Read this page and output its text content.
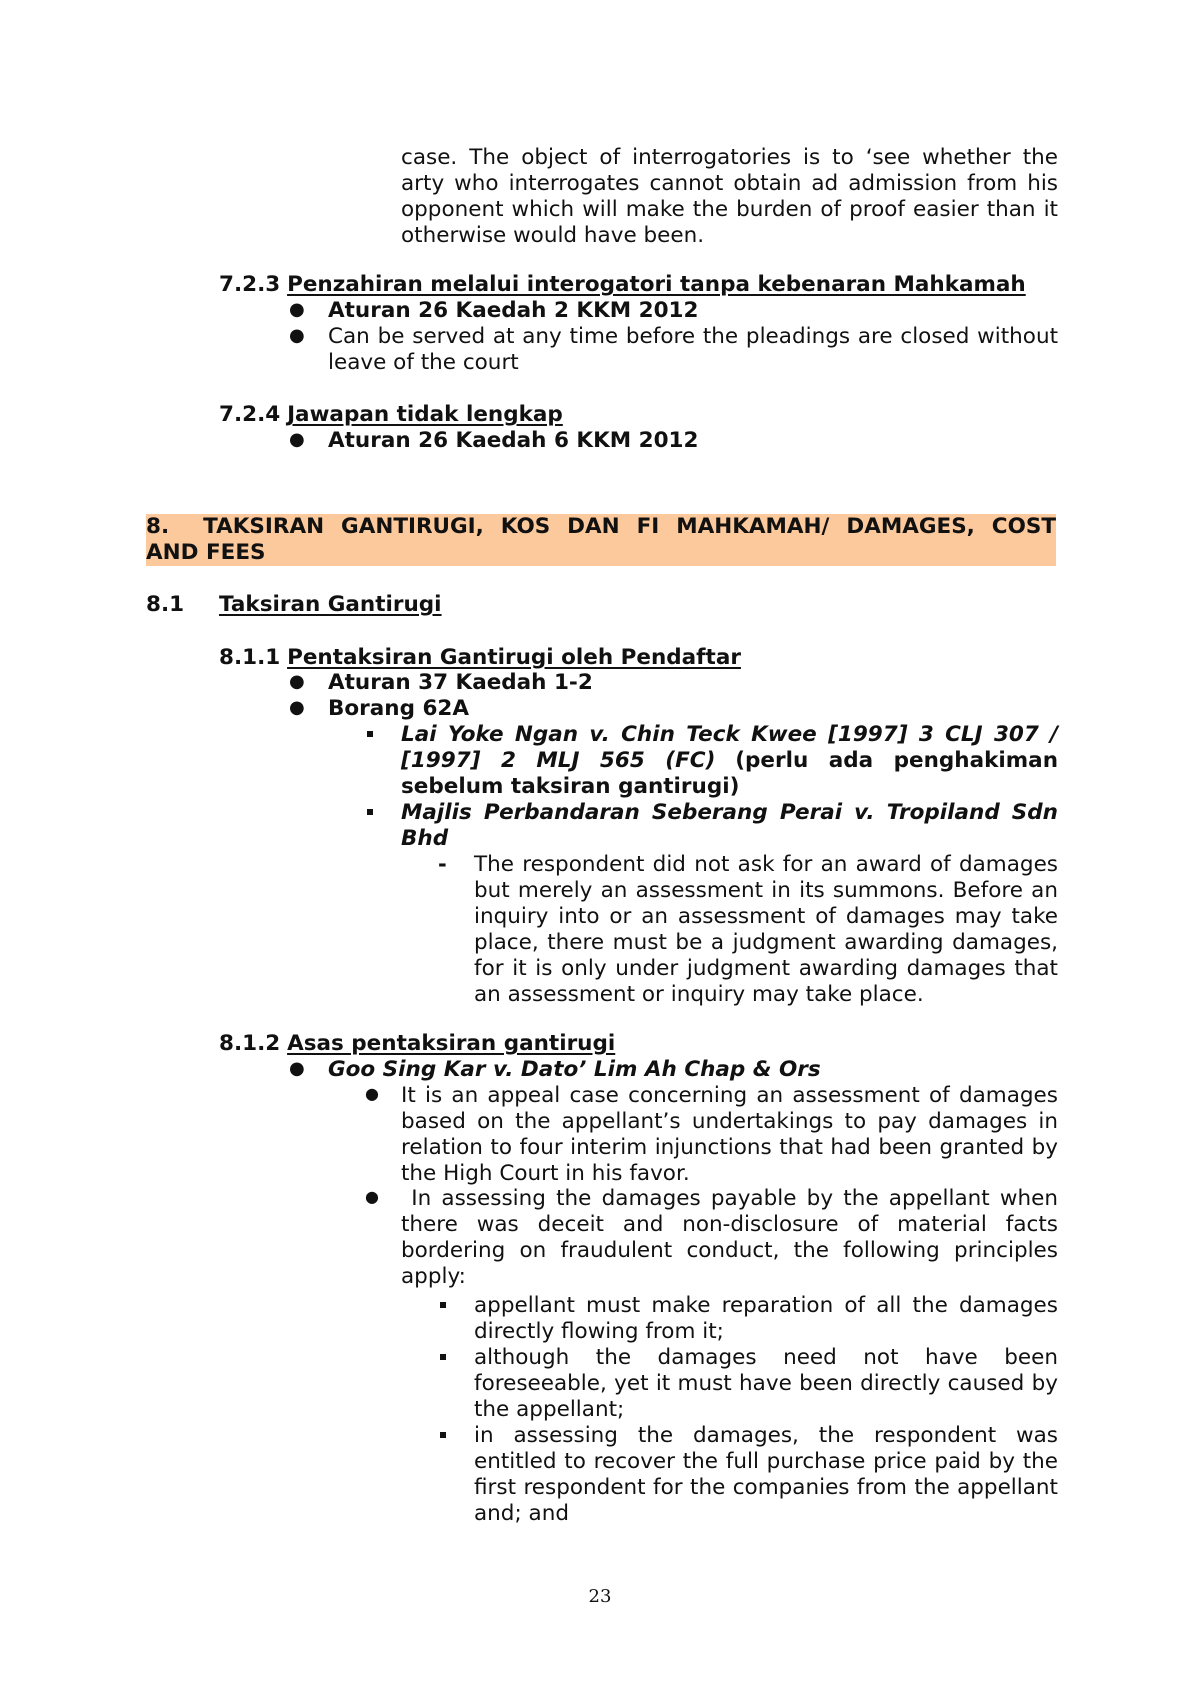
case. The object of interrogatories is to ‘see whether the arty who interrogates cannot obtain ad admission from his opponent which will make the burden of proof easier than it otherwise would have been.
7.2.3 Penzahiran melalui interogatori tanpa kebenaran Mahkamah
● Aturan 26 Kaedah 2 KKM 2012
● Can be served at any time before the pleadings are closed without leave of the court
7.2.4 Jawapan tidak lengkap
● Aturan 26 Kaedah 6 KKM 2012
8. TAKSIRAN GANTIRUGI, KOS DAN FI MAHKAMAH/ DAMAGES, COST
AND FEES
8.1 Taksiran Gantirugi
8.1.1 Pentaksiran Gantirugi oleh Pendaftar
● Aturan 37 Kaedah 1-2
● Borang 62A
Lai Yoke Ngan v. Chin Teck Kwee [1997] 3 CLJ 307 / [1997] 2 MLJ 565 (FC) (perlu ada penghakiman sebelum taksiran gantirugi)
Majlis Perbandaran Seberang Perai v. Tropiland Sdn Bhd
- The respondent did not ask for an award of damages but merely an assessment in its summons. Before an inquiry into or an assessment of damages may take place, there must be a judgment awarding damages, for it is only under judgment awarding damages that an assessment or inquiry may take place.
8.1.2 Asas pentaksiran gantirugi
● Goo Sing Kar v. Dato’ Lim Ah Chap & Ors
● It is an appeal case concerning an assessment of damages based on the appellant’s undertakings to pay damages in relation to four interim injunctions that had been granted by the High Court in his favor.
● In assessing the damages payable by the appellant when there was deceit and non-disclosure of material facts bordering on fraudulent conduct, the following principles apply:
appellant must make reparation of all the damages directly flowing from it;
although the damages need not have been foreseeable, yet it must have been directly caused by the appellant;
in assessing the damages, the respondent was entitled to recover the full purchase price paid by the first respondent for the companies from the appellant and; and
23
